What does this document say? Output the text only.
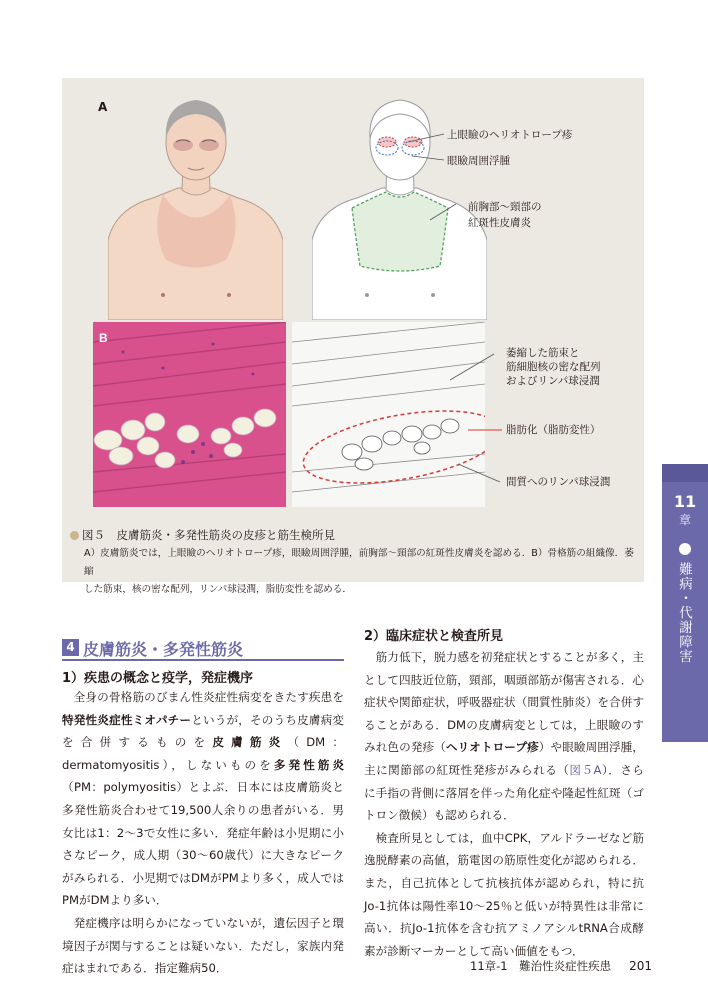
A
上眼瞼のヘリオトロープ疹
眼瞼周囲浮腫
前胸部～頸部の
紅斑性皮膚炎
B
萎縮した筋束と
筋細胞核の密な配列
およびリンパ球浸潤
脂肪化（脂肪変性）
間質へのリンパ球浸潤
図５　皮膚筋炎・多発性筋炎の皮疹と筋生検所見
A）皮膚筋炎では，上眼瞼のヘリオトロープ疹，眼瞼周囲浮腫，前胸部～頸部の紅斑性皮膚炎を認める．B）骨格筋の組織像．萎縮
した筋束，核の密な配列，リンパ球浸潤，脂肪変性を認める．
11
章
難病・代謝障害
4 皮膚筋炎・多発性筋炎
1）疾患の概念と疫学，発症機序

全身の骨格筋のびまん性炎症性病変をきたす疾患を特発性炎症性ミオパチーというが，そのうち皮膚病変を合併するものを皮膚筋炎（DM：dermatomyositis），しないものを多発性筋炎（PM：polymyositis）とよぶ．日本には皮膚筋炎と多発性筋炎合わせて19,500人余りの患者がいる．男女比は1：2～3で女性に多い．発症年齢は小児期に小さなピーク，成人期（30～60歳代）に大きなピークがみられる．小児期ではDMがPMより多く，成人ではPMがDMより多い．

発症機序は明らかになっていないが，遺伝因子と環境因子が関与することは疑いない．ただし，家族内発症はまれである．指定難病50．

2）臨床症状と検査所見

筋力低下，脱力感を初発症状とすることが多く，主として四肢近位筋，頸部，咽頭部筋が傷害される．心症状や関節症状，呼吸器症状（間質性肺炎）を合併することがある．DMの皮膚病変としては，上眼瞼のすみれ色の発疹（ヘリオトロープ疹）や眼瞼周囲浮腫，主に関節部の紅斑性発疹がみられる（図５A）．さらに手指の背側に落屑を伴った角化症や隆起性紅斑（ゴトロン徴候）も認められる．

検査所見としては，血中CPK，アルドラーゼなど筋逸脱酵素の高値，筋電図の筋原性変化が認められる．また，自己抗体として抗核抗体が認められ，特に抗Jo-1抗体は陽性率10～25％と低いが特異性は非常に高い．抗Jo-1抗体を含む抗アミノアシルtRNA合成酵素が診断マーカーとして高い価値をもつ．

11章-1　難治性炎症性疾患 201
